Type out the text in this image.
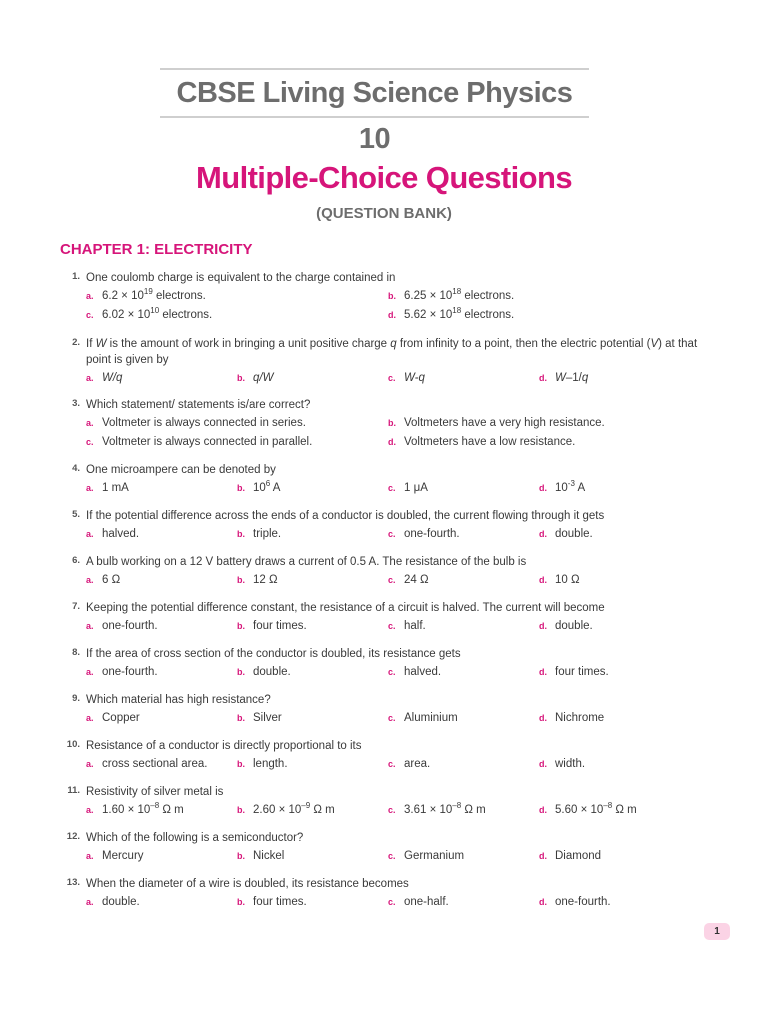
CBSE Living Science Physics 10
Multiple-Choice Questions
(QUESTION BANK)
CHAPTER 1: ELECTRICITY
1. One coulomb charge is equivalent to the charge contained in
a. $6.2 \times 10^{19}$ electrons.	b. $6.25 \times 10^{18}$ electrons.
c. $6.02 \times 10^{10}$ electrons.	d. $5.62 \times 10^{18}$ electrons.
2. If W is the amount of work in bringing a unit positive charge q from infinity to a point, then the electric potential (V) at that point is given by
a. W/q	b. q/W	c. W-q	d. W–1/q
3. Which statement/ statements is/are correct?
a. Voltmeter is always connected in series.	b. Voltmeters have a very high resistance.
c. Voltmeter is always connected in parallel.	d. Voltmeters have a low resistance.
4. One microampere can be denoted by
a. 1 mA	b. $10^6$ A	c. 1 μA	d. $10^{-3}$ A
5. If the potential difference across the ends of a conductor is doubled, the current flowing through it gets
a. halved.	b. triple.	c. one-fourth.	d. double.
6. A bulb working on a 12 V battery draws a current of 0.5 A. The resistance of the bulb is
a. 6 Ω	b. 12 Ω	c. 24 Ω	d. 10 Ω
7. Keeping the potential difference constant, the resistance of a circuit is halved. The current will become
a. one-fourth.	b. four times.	c. half.	d. double.
8. If the area of cross section of the conductor is doubled, its resistance gets
a. one-fourth.	b. double.	c. halved.	d. four times.
9. Which material has high resistance?
a. Copper	b. Silver	c. Aluminium	d. Nichrome
10. Resistance of a conductor is directly proportional to its
a. cross sectional area.	b. length.	c. area.	d. width.
11. Resistivity of silver metal is
a. $1.60 \times 10^{-8}$ Ω m	b. $2.60 \times 10^{-9}$ Ω m	c. $3.61 \times 10^{-8}$ Ω m	d. $5.60 \times 10^{-8}$ Ω m
12. Which of the following is a semiconductor?
a. Mercury	b. Nickel	c. Germanium	d. Diamond
13. When the diameter of a wire is doubled, its resistance becomes
a. double.	b. four times.	c. one-half.	d. one-fourth.
1
